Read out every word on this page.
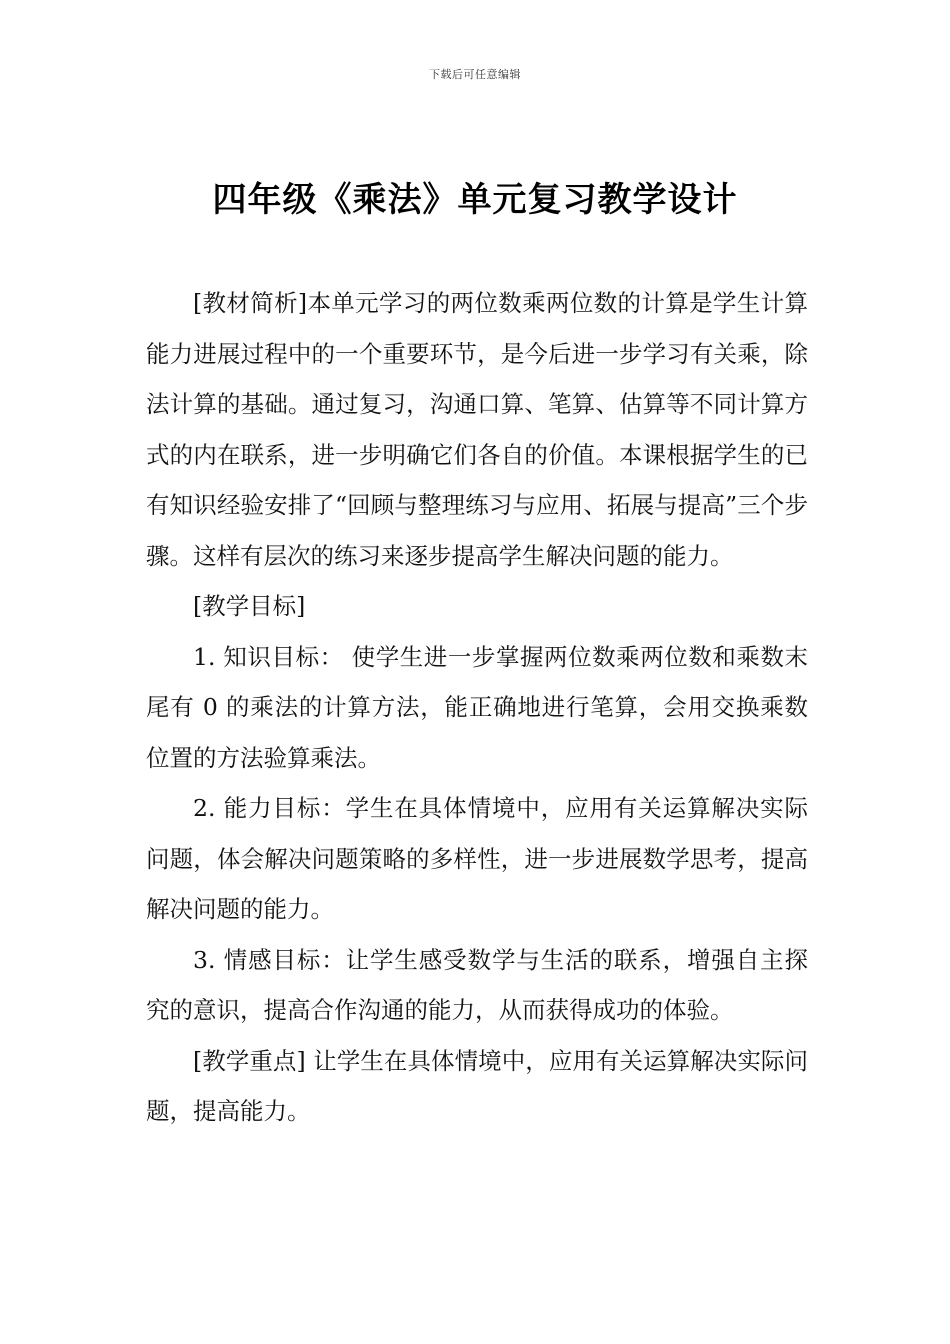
下载后可任意编辑
四年级《乘法》单元复习教学设计

[教材简析]本单元学习的两位数乘两位数的计算是学生计算能力进展过程中的一个重要环节，是今后进一步学习有关乘，除法计算的基础。通过复习，沟通口算、笔算、估算等不同计算方式的内在联系，进一步明确它们各自的价值。本课根据学生的已有知识经验安排了“回顾与整理练习与应用、拓展与提高”三个步骤。这样有层次的练习来逐步提高学生解决问题的能力。

[教学目标]

1. 知识目标： 使学生进一步掌握两位数乘两位数和乘数末尾有 0 的乘法的计算方法，能正确地进行笔算，会用交换乘数位置的方法验算乘法。

2. 能力目标：学生在具体情境中，应用有关运算解决实际问题，体会解决问题策略的多样性，进一步进展数学思考，提高解决问题的能力。

3. 情感目标：让学生感受数学与生活的联系，增强自主探究的意识，提高合作沟通的能力，从而获得成功的体验。

[教学重点] 让学生在具体情境中，应用有关运算解决实际问题，提高能力。
